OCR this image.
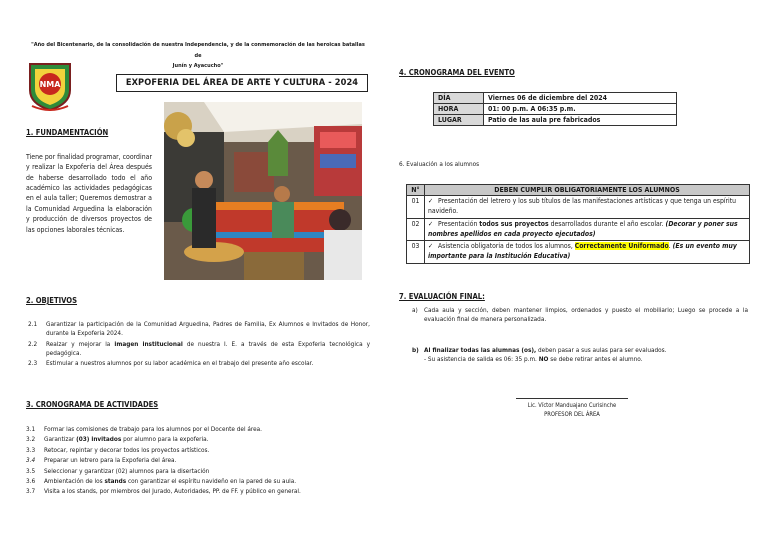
"Año del Bicentenario, de la consolidación de nuestra Independencia, y de la conmemoración de las heroicas batallas de
Junín y Ayacucho"
NMA	EXPOFERIA DEL ÁREA DE ARTE Y CULTURA - 2024
1. FUNDAMENTACIÓN
Tiene por finalidad programar, coordinar y realizar la Expoferia del Área después de haberse desarrollado todo el año académico las actividades pedagógicas en el aula taller; Queremos demostrar a la Comunidad Arguedina la elaboración y producción de diversos proyectos de las opciones laborales técnicas.
2. OBJETIVOS
2.1	Garantizar la participación de la Comunidad Arguedina, Padres de Familia, Ex Alumnos e Invitados de Honor, durante la Expoferia 2024.
2.2	Realzar y mejorar la imagen institucional de nuestra I. E. a través de esta Expoferia tecnológica y pedagógica.
2.3	Estimular a nuestros alumnos por su labor académica en el trabajo del presente año escolar.
3. CRONOGRAMA DE ACTIVIDADES
3.1	Formar las comisiones de trabajo para los alumnos por el Docente del área.
3.2	Garantizar (03) invitados por alumno para la expoferia.
3.3	Retocar, repintar y decorar todos los proyectos artísticos.
3.4	Preparar un letrero para la Expoferia del área.
3.5	Seleccionar y garantizar (02) alumnos para la disertación
3.6	Ambientación de los stands con garantizar el espíritu navideño en la pared de su aula.
3.7	Visita a los stands, por miembros del Jurado, Autoridades, PP. de FF. y público en general.
4. CRONOGRAMA DEL EVENTO
DÍA	Viernes 06 de diciembre del 2024
HORA	01: 00 p.m. A 06:35 p.m.
LUGAR	Patio de las aula pre fabricados
6. Evaluación a los alumnos
N°	DEBEN CUMPLIR OBLIGATORIAMENTE LOS ALUMNOS
01	✓ Presentación del letrero y los sub títulos de las manifestaciones artísticas y que tenga un espíritu navideño.
02	✓ Presentación todos sus proyectos desarrollados durante el año escolar. (Decorar y poner sus nombres apellidos en cada proyecto ejecutados)
03	✓ Asistencia obligatoria de todos los alumnos, Correctamente Uniformado. (Es un evento muy importante para la Institución Educativa)
7. EVALUACIÓN FINAL:
a) Cada aula y sección, deben mantener limpios, ordenados y puesto el mobiliario; Luego se procede a la evaluación final de manera personalizada.
b) Al finalizar todas las alumnas (os), deben pasar a sus aulas para ser evaluados.
- Su asistencia de salida es 06: 35 p.m. NO se debe retirar antes el alumno.
Lic. Víctor Manduajano Curisinche
PROFESOR DEL ÁREA
